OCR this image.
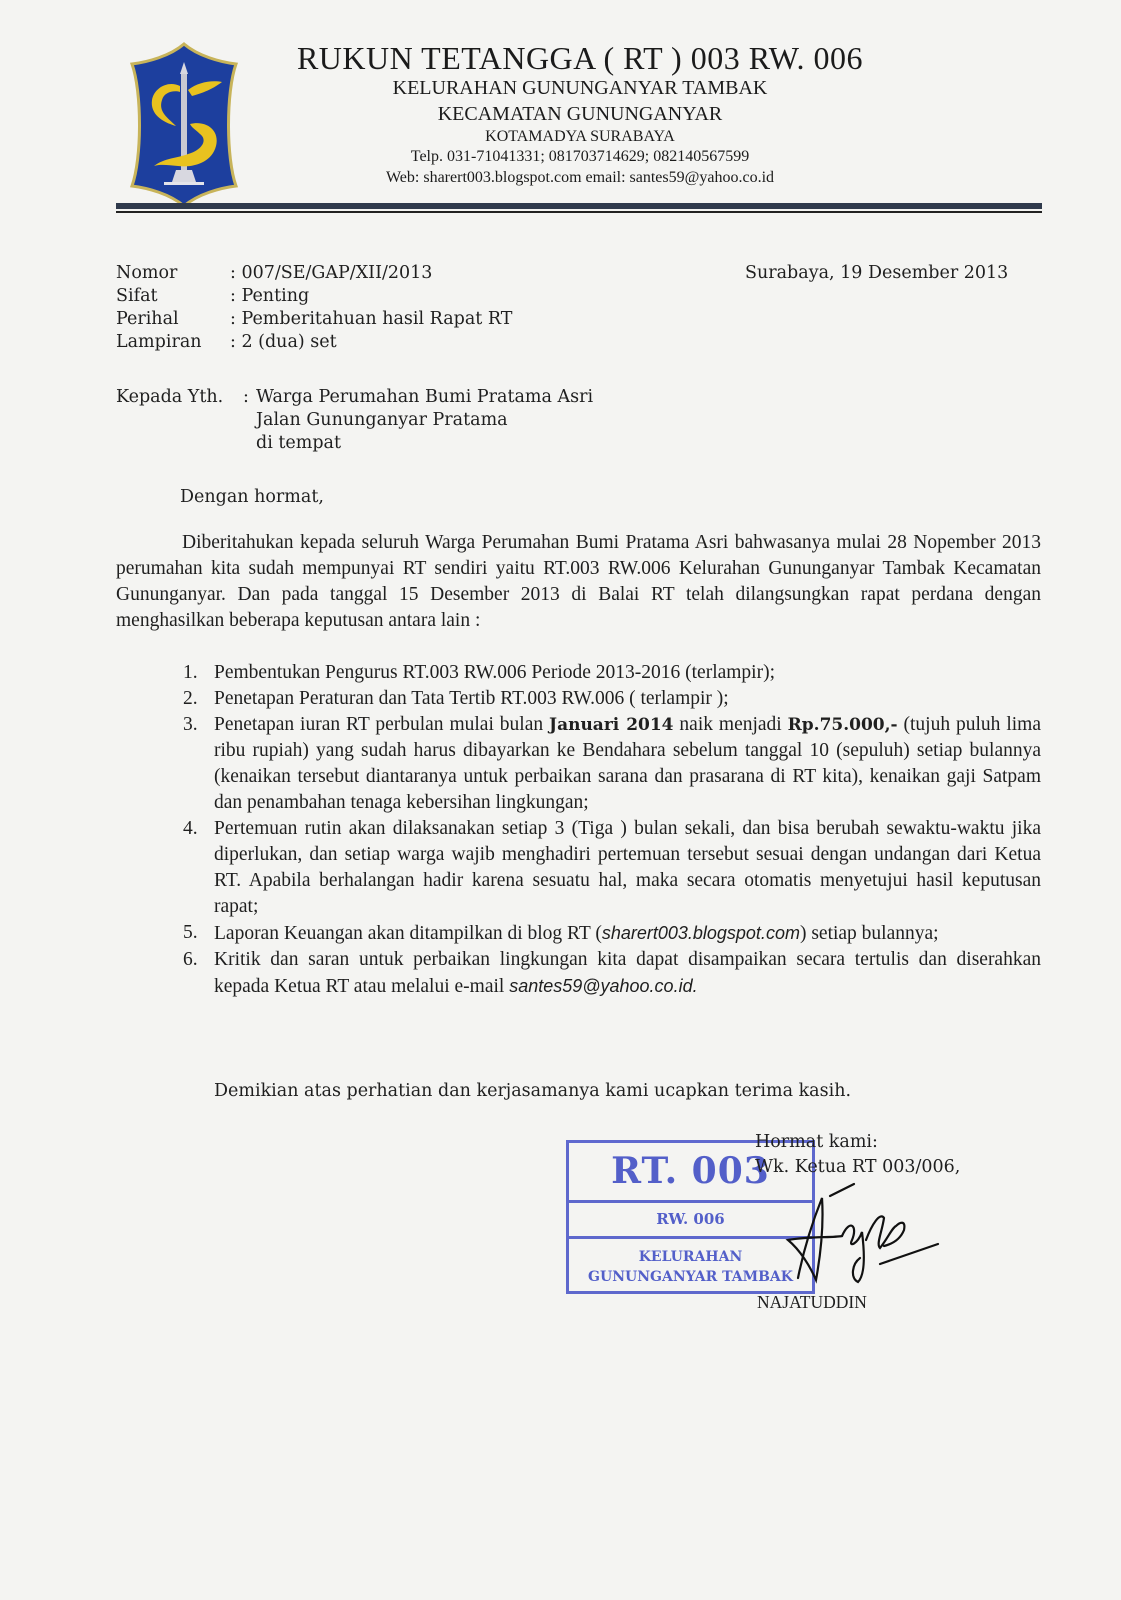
RUKUN TETANGGA ( RT ) 003 RW. 006
KELURAHAN GUNUNGANYAR TAMBAK
KECAMATAN GUNUNGANYAR
KOTAMADYA SURABAYA
Telp. 031-71041331; 081703714629; 082140567599
Web: sharert003.blogspot.com email: santes59@yahoo.co.id
Nomor	: 007/SE/GAP/XII/2013
Sifat	: Penting
Perihal	: Pemberitahuan hasil Rapat RT
Lampiran	: 2 (dua) set
Surabaya, 19 Desember 2013
Kepada Yth. : Warga Perumahan Bumi Pratama Asri
Jalan Gununganyar Pratama
di tempat
Dengan hormat,
Diberitahukan kepada seluruh Warga Perumahan Bumi Pratama Asri bahwasanya mulai 28 Nopember 2013 perumahan kita sudah mempunyai RT sendiri yaitu RT.003 RW.006 Kelurahan Gununganyar Tambak Kecamatan Gununganyar. Dan pada tanggal 15 Desember 2013 di Balai RT telah dilangsungkan rapat perdana dengan menghasilkan beberapa keputusan antara lain :
1. Pembentukan Pengurus RT.003 RW.006 Periode 2013-2016 (terlampir);
2. Penetapan Peraturan dan Tata Tertib RT.003 RW.006 ( terlampir );
3. Penetapan iuran RT perbulan mulai bulan Januari 2014 naik menjadi Rp.75.000,- (tujuh puluh lima ribu rupiah) yang sudah harus dibayarkan ke Bendahara sebelum tanggal 10 (sepuluh) setiap bulannya (kenaikan tersebut diantaranya untuk perbaikan sarana dan prasarana di RT kita), kenaikan gaji Satpam dan penambahan tenaga kebersihan lingkungan;
4. Pertemuan rutin akan dilaksanakan setiap 3 (Tiga ) bulan sekali, dan bisa berubah sewaktu-waktu jika diperlukan, dan setiap warga wajib menghadiri pertemuan tersebut sesuai dengan undangan dari Ketua RT. Apabila berhalangan hadir karena sesuatu hal, maka secara otomatis menyetujui hasil keputusan rapat;
5. Laporan Keuangan akan ditampilkan di blog RT (sharert003.blogspot.com) setiap bulannya;
6. Kritik dan saran untuk perbaikan lingkungan kita dapat disampaikan secara tertulis dan diserahkan kepada Ketua RT atau melalui e-mail santes59@yahoo.co.id.
Demikian atas perhatian dan kerjasamanya kami ucapkan terima kasih.
RT. 003
RW. 006
KELURAHAN
GUNUNGANYAR TAMBAK
Hormat kami:
Wk. Ketua RT 003/006,
NAJATUDDIN
